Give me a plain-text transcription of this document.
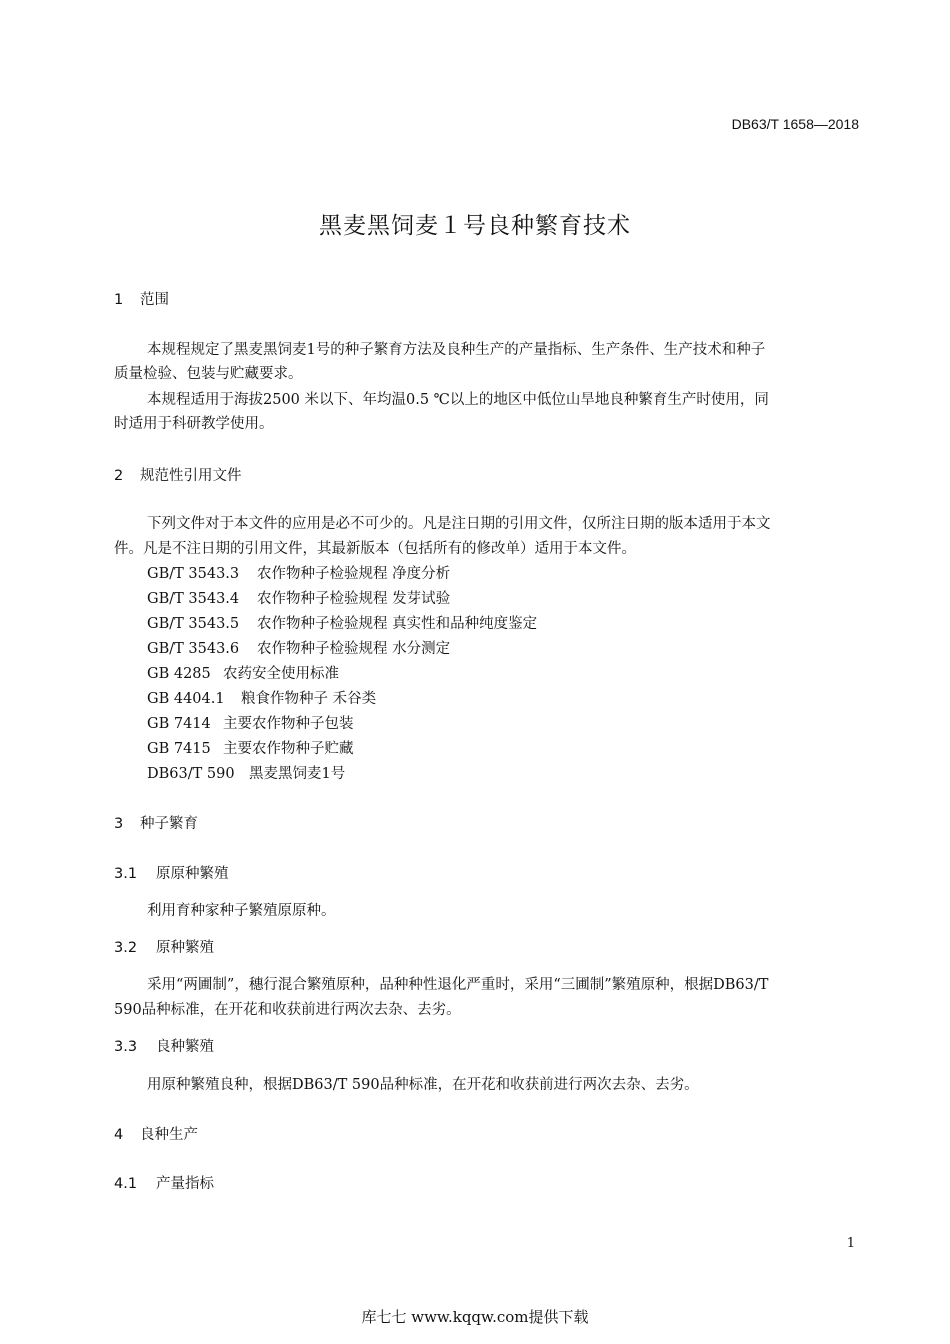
DB63/T 1658—2018
黑麦黑饲麦１号良种繁育技术
1 范围
本规程规定了黑麦黑饲麦1号的种子繁育方法及良种生产的产量指标、生产条件、生产技术和种子
质量检验、包装与贮藏要求。
本规程适用于海拔2500 米以下、年均温0.5 ℃以上的地区中低位山旱地良种繁育生产时使用，同
时适用于科研教学使用。
2 规范性引用文件
下列文件对于本文件的应用是必不可少的。凡是注日期的引用文件，仅所注日期的版本适用于本文
件。凡是不注日期的引用文件，其最新版本（包括所有的修改单）适用于本文件。
GB/T 3543.3 农作物种子检验规程 净度分析
GB/T 3543.4 农作物种子检验规程 发芽试验
GB/T 3543.5 农作物种子检验规程 真实性和品种纯度鉴定
GB/T 3543.6 农作物种子检验规程 水分测定
GB 4285 农药安全使用标准
GB 4404.1 粮食作物种子 禾谷类
GB 7414 主要农作物种子包装
GB 7415 主要农作物种子贮藏
DB63/T 590 黑麦黑饲麦1号
3 种子繁育
3.1 原原种繁殖
利用育种家种子繁殖原原种。
3.2 原种繁殖
采用“两圃制”，穗行混合繁殖原种，品种种性退化严重时，采用“三圃制”繁殖原种，根据DB63/T
590品种标准，在开花和收获前进行两次去杂、去劣。
3.3 良种繁殖
用原种繁殖良种，根据DB63/T 590品种标准，在开花和收获前进行两次去杂、去劣。
4 良种生产
4.1 产量指标
1
库七七 www.kqqw.com提供下载
